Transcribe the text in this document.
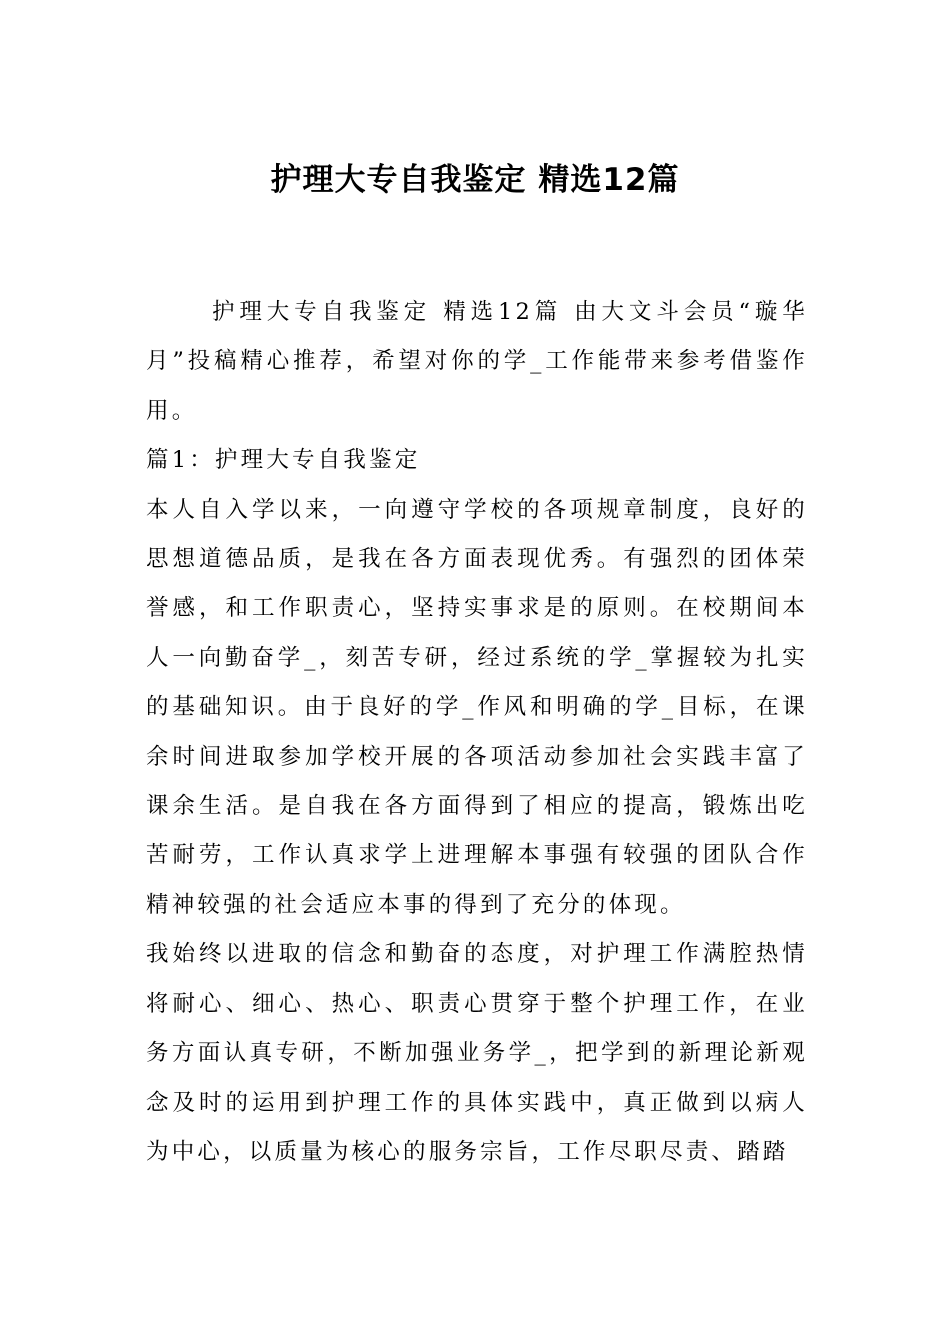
护理大专自我鉴定 精选12篇

护理大专自我鉴定 精选12篇 由大文斗会员“璇华月”投稿精心推荐，希望对你的学_工作能带来参考借鉴作用。

篇1：护理大专自我鉴定

本人自入学以来，一向遵守学校的各项规章制度，良好的思想道德品质，是我在各方面表现优秀。有强烈的团体荣誉感，和工作职责心，坚持实事求是的原则。在校期间本人一向勤奋学_，刻苦专研，经过系统的学_掌握较为扎实的基础知识。由于良好的学_作风和明确的学_目标，在课余时间进取参加学校开展的各项活动参加社会实践丰富了课余生活。是自我在各方面得到了相应的提高，锻炼出吃苦耐劳，工作认真求学上进理解本事强有较强的团队合作精神较强的社会适应本事的得到了充分的体现。

我始终以进取的信念和勤奋的态度，对护理工作满腔热情将耐心、细心、热心、职责心贯穿于整个护理工作，在业务方面认真专研，不断加强业务学_，把学到的新理论新观念及时的运用到护理工作的具体实践中，真正做到以病人为中心，以质量为核心的服务宗旨，工作尽职尽责、踏踏
